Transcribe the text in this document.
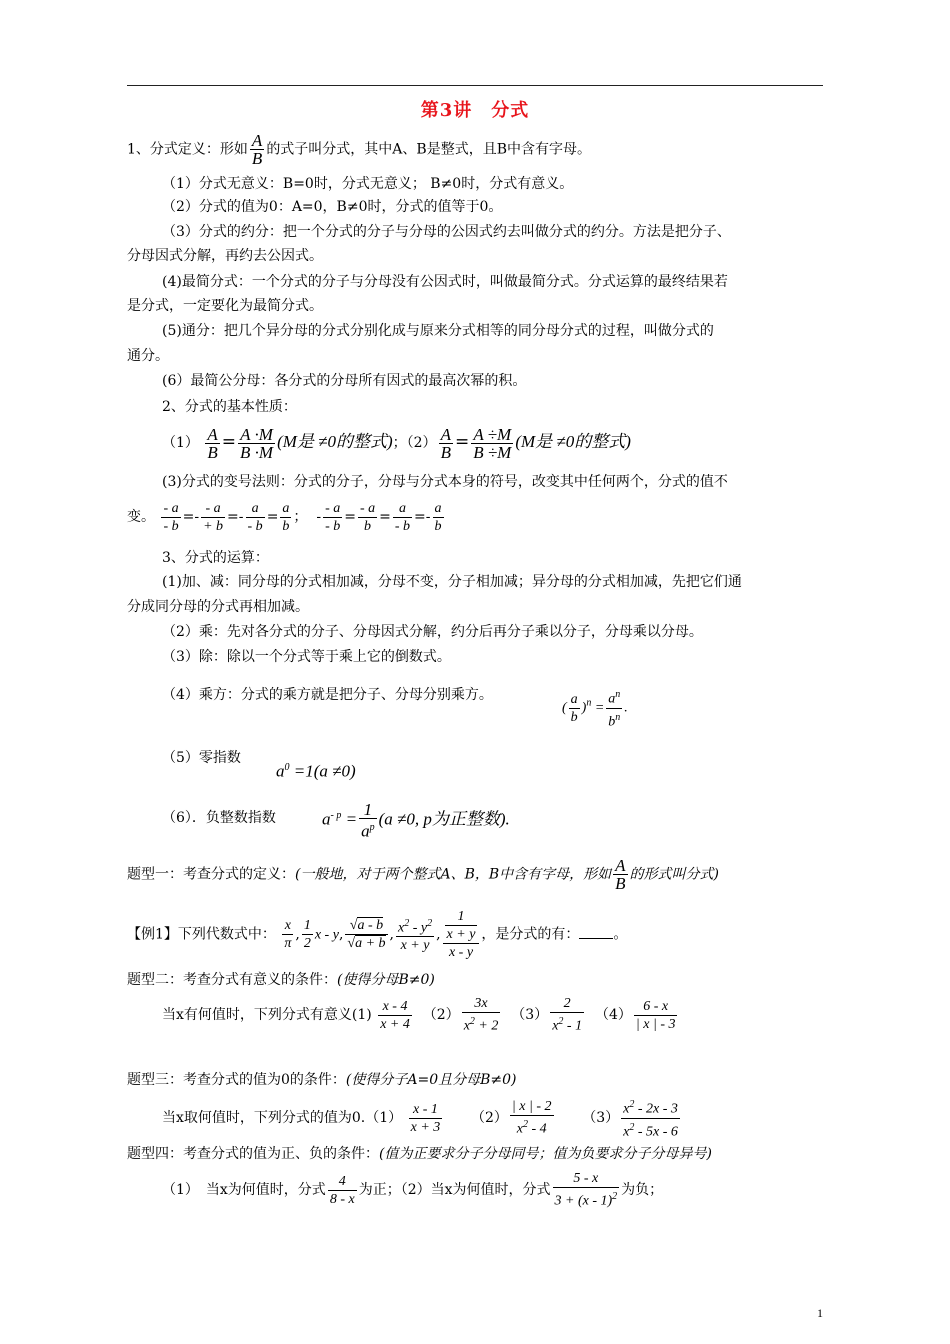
第3讲　分式
1、分式定义：形如 $\frac{A}{B}$ 的式子叫分式，其中A、B是整式，且B中含有字母。
（1）分式无意义：B=0时，分式无意义； B≠0时，分式有意义。
（2）分式的值为0：A=0，B≠0时，分式的值等于0。
（3）分式的约分：把一个分式的分子与分母的公因式约去叫做分式的约分。方法是把分子、
分母因式分解，再约去公因式。
(4)最简分式：一个分式的分子与分母没有公因式时，叫做最简分式。分式运算的最终结果若
是分式，一定要化为最简分式。
(5)通分：把几个异分母的分式分别化成与原来分式相等的同分母分式的过程，叫做分式的
通分。
(6）最简公分母：各分式的分母所有因式的最高次幂的积。
2、分式的基本性质：
$(1) \frac{A}{B} = \frac{A \cdot M}{B \cdot M} (M$是 ≠0的整式)；$(2) \frac{A}{B} = \frac{A \div M}{B \div M} (M$是 ≠0的整式)
(3)分式的变号法则：分式的分子，分母与分式本身的符号，改变其中任何两个，分式的值不
变。 $\frac{- a}{- b} =- \frac{- a}{+ b} =- \frac{a}{- b} = \frac{a}{b}$ ；  - $\frac{- a}{- b} = \frac{- a}{b} = \frac{a}{- b} =- \frac{a}{b}$
3、分式的运算：
(1)加、减：同分母的分式相加减，分母不变，分子相加减；异分母的分式相加减，先把它们通
分成同分母的分式再相加减。
（2）乘：先对各分式的分子、分母因式分解，约分后再分子乘以分子，分母乘以分母。
（3）除：除以一个分式等于乘上它的倒数式。
（4）乘方：分式的乘方就是把分子、分母分别乘方。
( $\frac{a}{b} )^n = \frac{a^n}{b^n}$ .
（5）零指数
$a^0 =1(a \ne 0)$
（6）．负整数指数	$a^{- p} = \frac{1}{a^p} (a \ne 0$, p为正整数).
题型一：考查分式的定义：(一般地，对于两个整式A、B，B中含有字母，形如 $\frac{A}{B}$ 的形式叫分式)
【例1】下列代数式中： $\frac{x}{\pi}$ , $\frac{1}{2}$ x - y, $\frac{√a - b}{√a + b}$ , $\frac{x^2 - y^2}{x + y}$ , $\frac{\frac{1}{x + y}}{x - y}$ ，是分式的有： 。
题型二：考查分式有意义的条件：(使得分母B≠0)
当x有何值时，下列分式有意义$(1) \frac{x - 4}{x + 4} (2) \frac{3x}{x^2 + 2} (3) \frac{2}{x^2 - 1} (4) \frac{6 - x}{| x | - 3}$
题型三：考查分式的值为0的条件：(使得分子A=0且分母B≠0)
当x取何值时，下列分式的值为$0.(1) \frac{x - 1}{x + 3} (2) \frac{| x | - 2}{x^2 - 4} (3) \frac{x^2 - 2x - 3}{x^2 - 5x - 6}$
题型四：考查分式的值为正、负的条件：(值为正要求分子分母同号；值为负要求分子分母异号)
（1）　当x为何值时，分式 $\frac{4}{8 - x}$ 为正；（2）当x为何值时，分式 $\frac{5 - x}{3 + (x - 1)^2}$ 为负；
1
